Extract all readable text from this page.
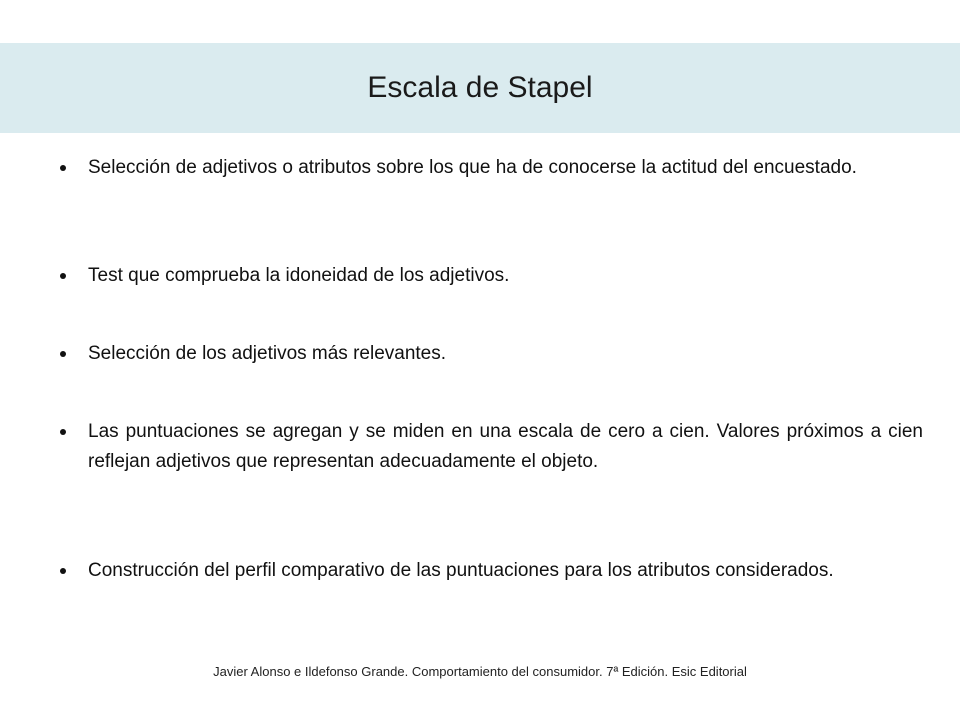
Escala de Stapel
Selección de adjetivos o atributos sobre los que ha de conocerse la actitud del encuestado.
Test que comprueba la idoneidad de los adjetivos.
Selección de los adjetivos más relevantes.
Las puntuaciones se agregan y se miden en una escala de cero a cien. Valores próximos a cien reflejan adjetivos que representan adecuadamente el objeto.
Construcción del perfil comparativo de las puntuaciones para los atributos considerados.
Javier Alonso e Ildefonso Grande. Comportamiento del consumidor. 7ª Edición. Esic Editorial
